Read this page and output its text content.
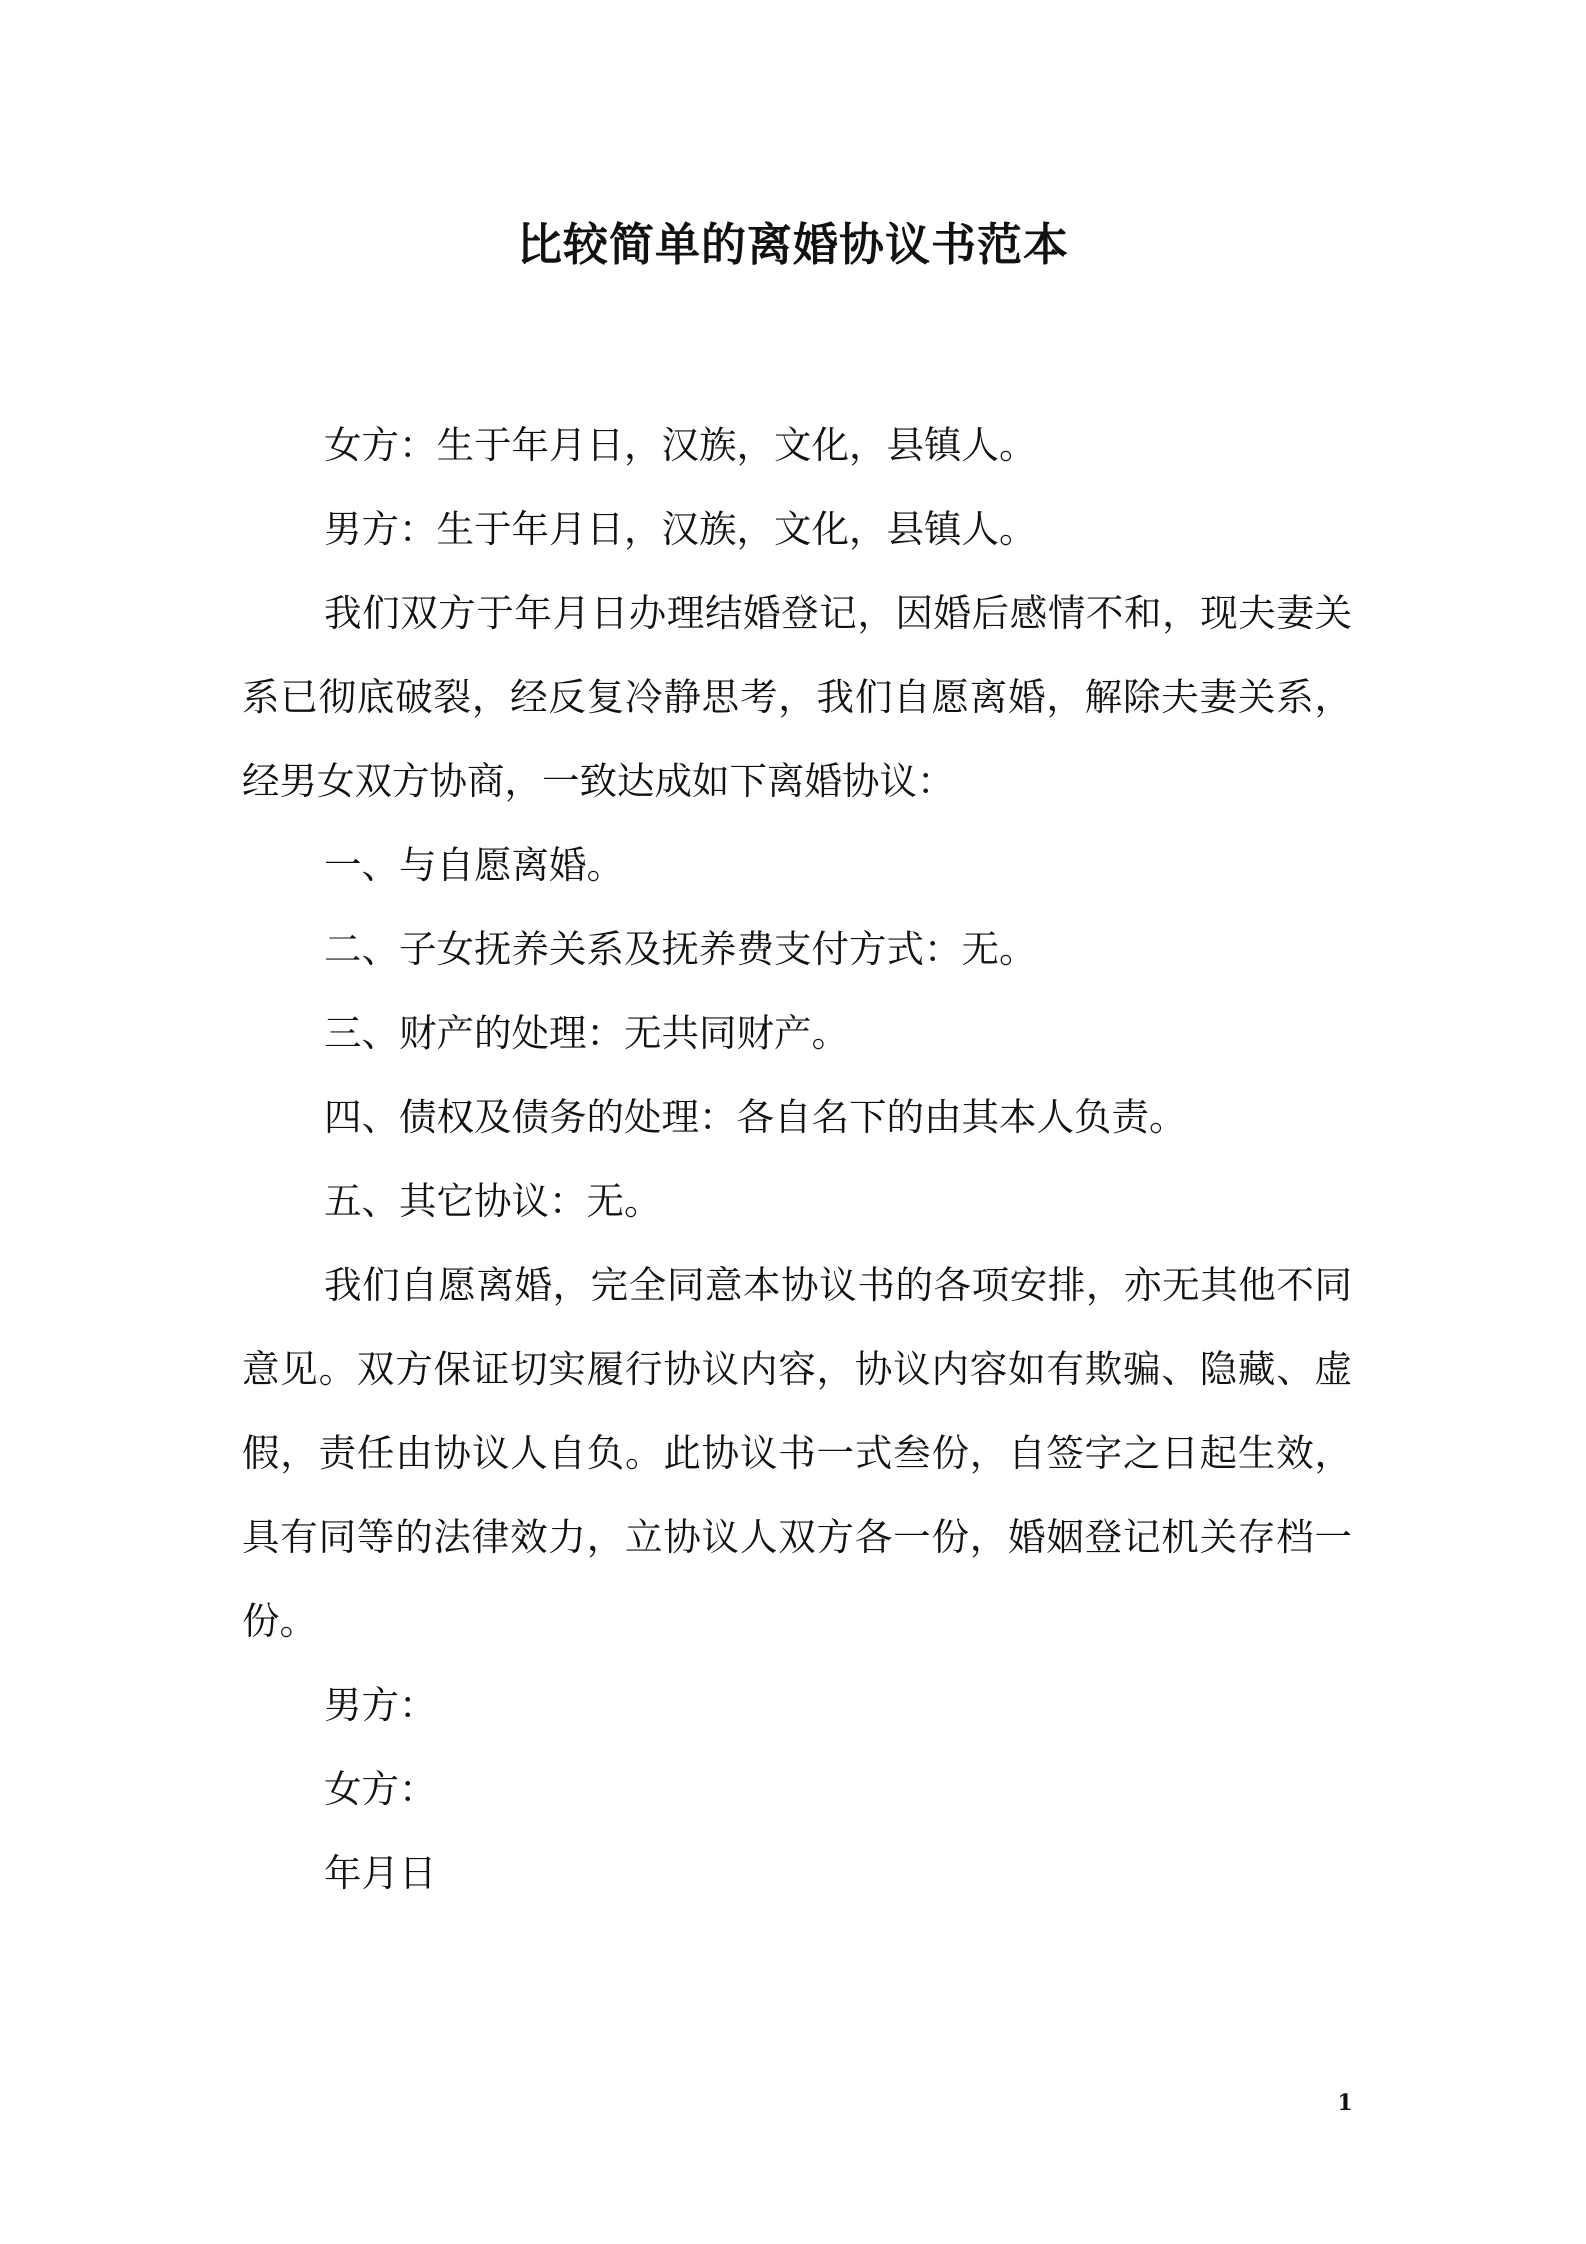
比较简单的离婚协议书范本

女方：生于年月日，汉族，文化，县镇人。

男方：生于年月日，汉族，文化，县镇人。

我们双方于年月日办理结婚登记，因婚后感情不和，现夫妻关系已彻底破裂，经反复冷静思考，我们自愿离婚，解除夫妻关系，经男女双方协商，一致达成如下离婚协议：

一、与自愿离婚。

二、子女抚养关系及抚养费支付方式：无。

三、财产的处理：无共同财产。

四、债权及债务的处理：各自名下的由其本人负责。

五、其它协议：无。

我们自愿离婚，完全同意本协议书的各项安排，亦无其他不同意见。双方保证切实履行协议内容，协议内容如有欺骗、隐藏、虚假，责任由协议人自负。此协议书一式叁份，自签字之日起生效，具有同等的法律效力，立协议人双方各一份，婚姻登记机关存档一份。

男方：

女方：

年月日

1
